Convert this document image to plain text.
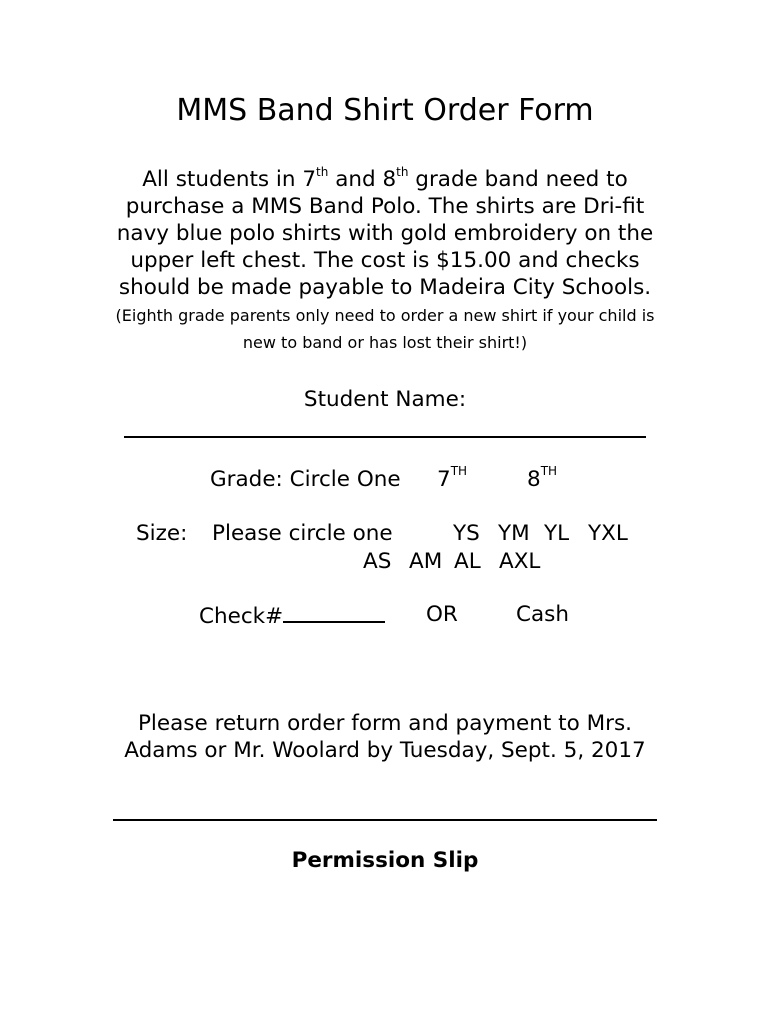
MMS Band Shirt Order Form
All students in 7th and 8th grade band need to purchase a MMS Band Polo. The shirts are Dri-fit navy blue polo shirts with gold embroidery on the upper left chest. The cost is $15.00 and checks should be made payable to Madeira City Schools. (Eighth grade parents only need to order a new shirt if your child is new to band or has lost their shirt!)
Student Name:
Grade: Circle One 7TH	8TH
Size: Please circle one	YS YM YL YXL
AS AM AL AXL
Check#	OR	Cash
Please return order form and payment to Mrs. Adams or Mr. Woolard by Tuesday, Sept. 5, 2017
Permission Slip
